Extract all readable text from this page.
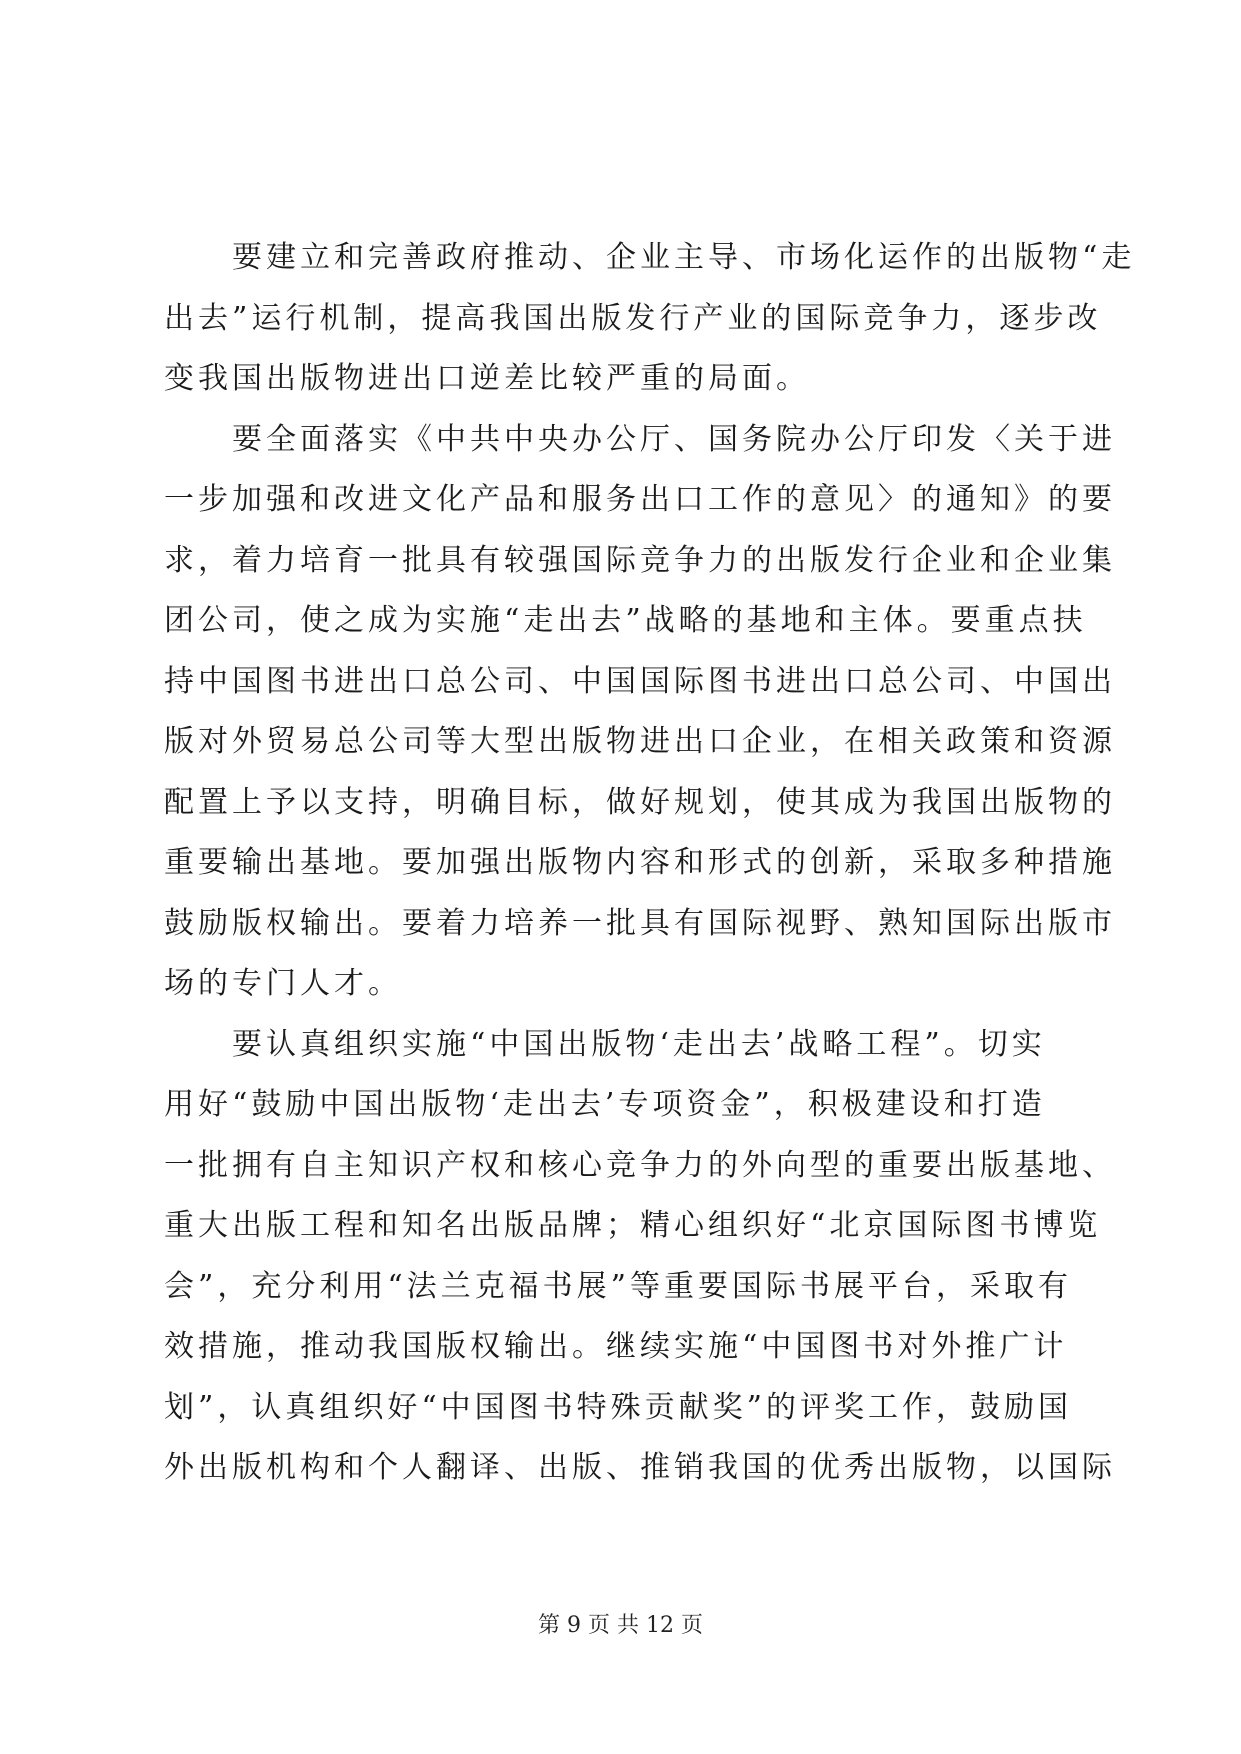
要建立和完善政府推动、企业主导、市场化运作的出版物“走
出去”运行机制，提高我国出版发行产业的国际竞争力，逐步改
变我国出版物进出口逆差比较严重的局面。
要全面落实《中共中央办公厅、国务院办公厅印发〈关于进
一步加强和改进文化产品和服务出口工作的意见〉的通知》的要
求，着力培育一批具有较强国际竞争力的出版发行企业和企业集
团公司，使之成为实施“走出去”战略的基地和主体。要重点扶
持中国图书进出口总公司、中国国际图书进出口总公司、中国出
版对外贸易总公司等大型出版物进出口企业，在相关政策和资源
配置上予以支持，明确目标，做好规划，使其成为我国出版物的
重要输出基地。要加强出版物内容和形式的创新，采取多种措施
鼓励版权输出。要着力培养一批具有国际视野、熟知国际出版市
场的专门人才。
要认真组织实施“中国出版物‘走出去’战略工程”。切实
用好“鼓励中国出版物‘走出去’专项资金”，积极建设和打造
一批拥有自主知识产权和核心竞争力的外向型的重要出版基地、
重大出版工程和知名出版品牌；精心组织好“北京国际图书博览
会”，充分利用“法兰克福书展”等重要国际书展平台，采取有
效措施，推动我国版权输出。继续实施“中国图书对外推广计
划”，认真组织好“中国图书特殊贡献奖”的评奖工作，鼓励国
外出版机构和个人翻译、出版、推销我国的优秀出版物，以国际
第 9 页 共 12 页
